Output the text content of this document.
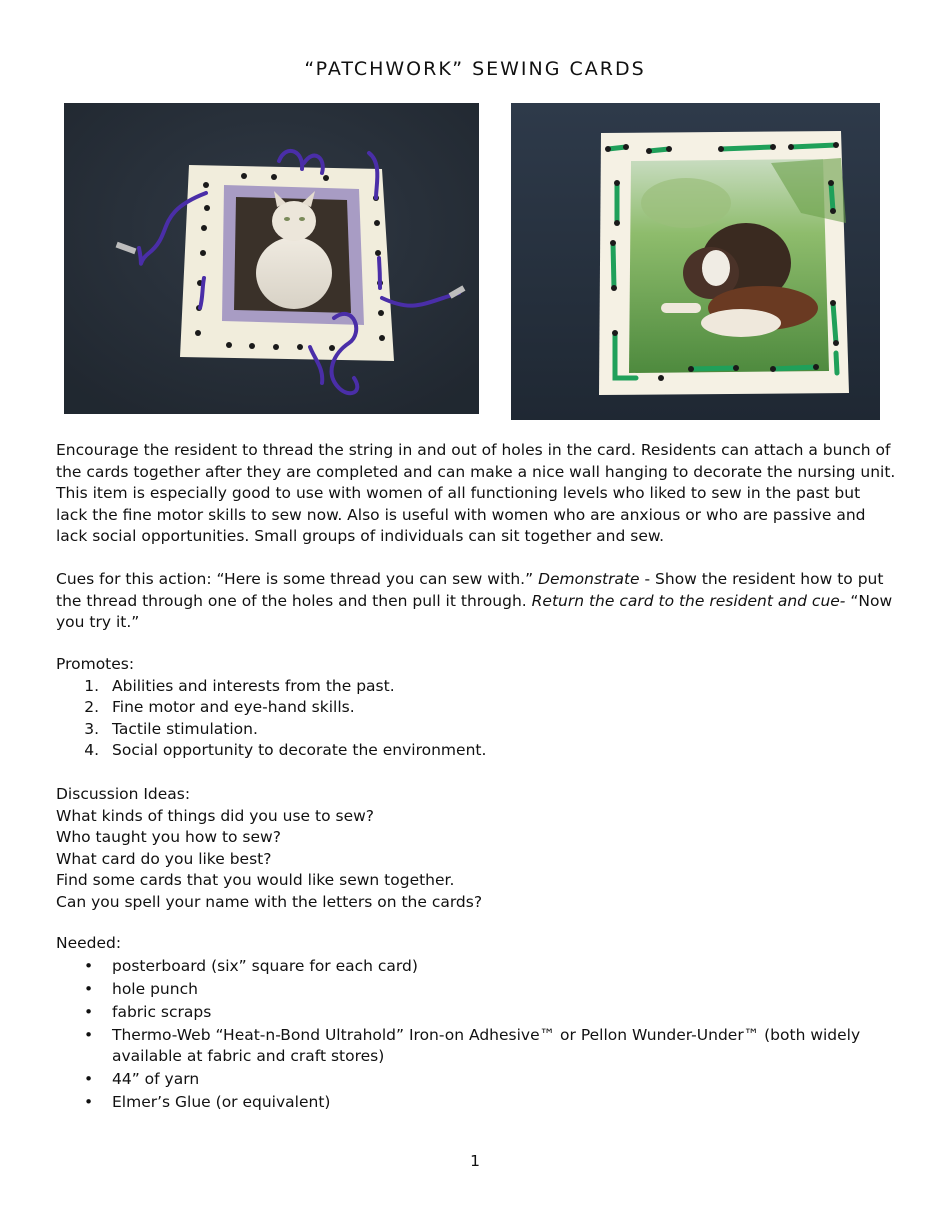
“PATCHWORK” SEWING CARDS

Encourage the resident to thread the string in and out of holes in the card. Residents can attach a bunch of the cards together after they are completed and can make a nice wall hanging to decorate the nursing unit. This item is especially good to use with women of all functioning levels who liked to sew in the past but lack the fine motor skills to sew now. Also is useful with women who are anxious or who are passive and lack social opportunities. Small groups of individuals can sit together and sew.

Cues for this action: “Here is some thread you can sew with.” Demonstrate - Show the resident how to put the thread through one of the holes and then pull it through. Return the card to the resident and cue- “Now you try it.”

Promotes:

1. Abilities and interests from the past.
2. Fine motor and eye-hand skills.
3. Tactile stimulation.
4. Social opportunity to decorate the environment.

Discussion Ideas:

What kinds of things did you use to sew?

Who taught you how to sew?

What card do you like best?

Find some cards that you would like sewn together.

Can you spell your name with the letters on the cards?

Needed:

• posterboard (six” square for each card)
• hole punch
• fabric scraps
• Thermo-Web “Heat-n-Bond Ultrahold” Iron-on Adhesive™ or Pellon Wunder-Under™ (both widely available at fabric and craft stores)
• 44” of yarn
• Elmer’s Glue (or equivalent)
1
